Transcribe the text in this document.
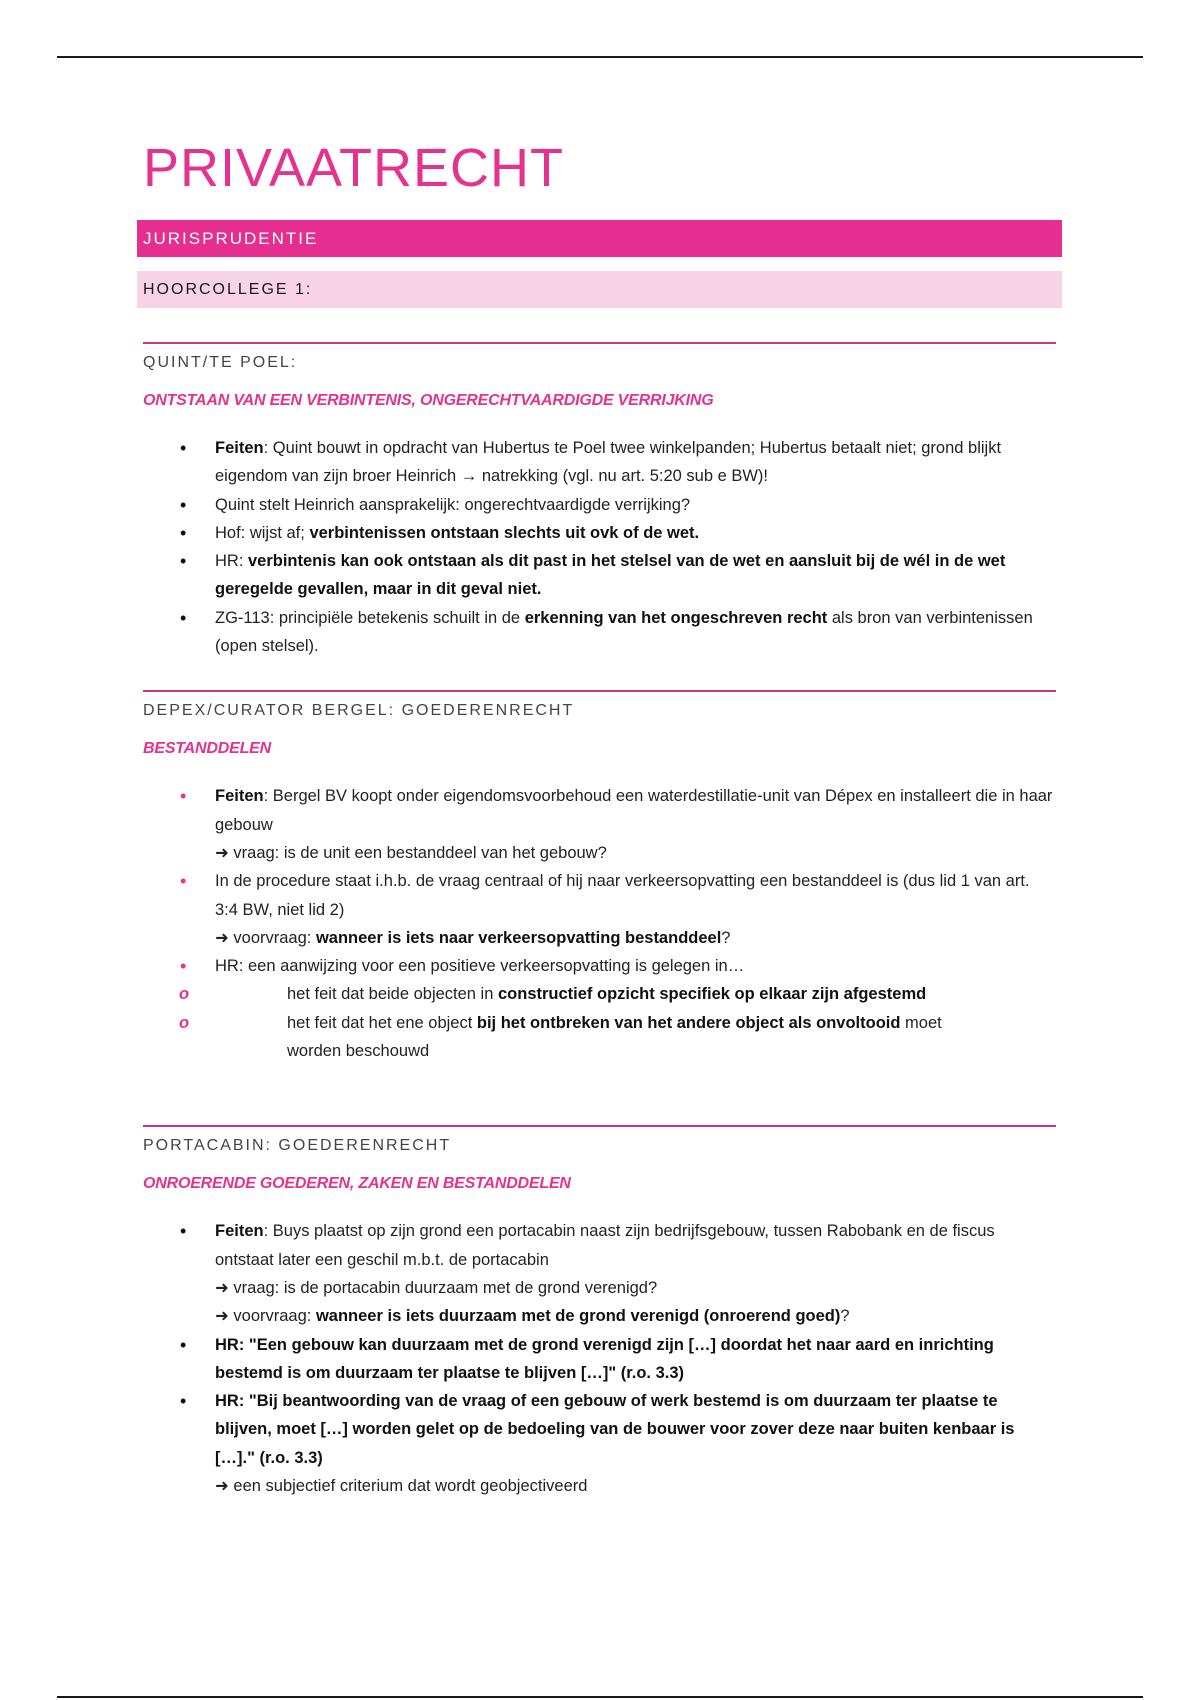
PRIVAATRECHT
JURISPRUDENTIE
HOORCOLLEGE 1:
QUINT/TE POEL:
ONTSTAAN VAN EEN VERBINTENIS, ONGERECHTVAARDIGDE VERRIJKING
• Feiten: Quint bouwt in opdracht van Hubertus te Poel twee winkelpanden; Hubertus betaalt niet; grond blijkt eigendom van zijn broer Heinrich → natrekking (vgl. nu art. 5:20 sub e BW)!
• Quint stelt Heinrich aansprakelijk: ongerechtvaardigde verrijking?
• Hof: wijst af; verbintenissen ontstaan slechts uit ovk of de wet.
• HR: verbintenis kan ook ontstaan als dit past in het stelsel van de wet en aansluit bij de wél in de wet geregelde gevallen, maar in dit geval niet.
• ZG-113: principiële betekenis schuilt in de erkenning van het ongeschreven recht als bron van verbintenissen (open stelsel).
DEPEX/CURATOR BERGEL: GOEDERENRECHT
BESTANDDELEN
• Feiten: Bergel BV koopt onder eigendomsvoorbehoud een waterdestillatie-unit van Dépex en installeert die in haar gebouw
➜ vraag: is de unit een bestanddeel van het gebouw?
• In de procedure staat i.h.b. de vraag centraal of hij naar verkeersopvatting een bestanddeel is (dus lid 1 van art. 3:4 BW, niet lid 2)
➜ voorvraag: wanneer is iets naar verkeersopvatting bestanddeel?
• HR: een aanwijzing voor een positieve verkeersopvatting is gelegen in…
o	het feit dat beide objecten in constructief opzicht specifiek op elkaar zijn afgestemd
o	het feit dat het ene object bij het ontbreken van het andere object als onvoltooid moet worden beschouwd
PORTACABIN: GOEDERENRECHT
ONROERENDE GOEDEREN, ZAKEN EN BESTANDDELEN
• Feiten: Buys plaatst op zijn grond een portacabin naast zijn bedrijfsgebouw, tussen Rabobank en de fiscus ontstaat later een geschil m.b.t. de portacabin
➜ vraag: is de portacabin duurzaam met de grond verenigd?
➜ voorvraag: wanneer is iets duurzaam met de grond verenigd (onroerend goed)?
• HR: "Een gebouw kan duurzaam met de grond verenigd zijn […] doordat het naar aard en inrichting bestemd is om duurzaam ter plaatse te blijven […]" (r.o. 3.3)
• HR: "Bij beantwoording van de vraag of een gebouw of werk bestemd is om duurzaam ter plaatse te blijven, moet […] worden gelet op de bedoeling van de bouwer voor zover deze naar buiten kenbaar is […]." (r.o. 3.3)
➜ een subjectief criterium dat wordt geobjectiveerd
